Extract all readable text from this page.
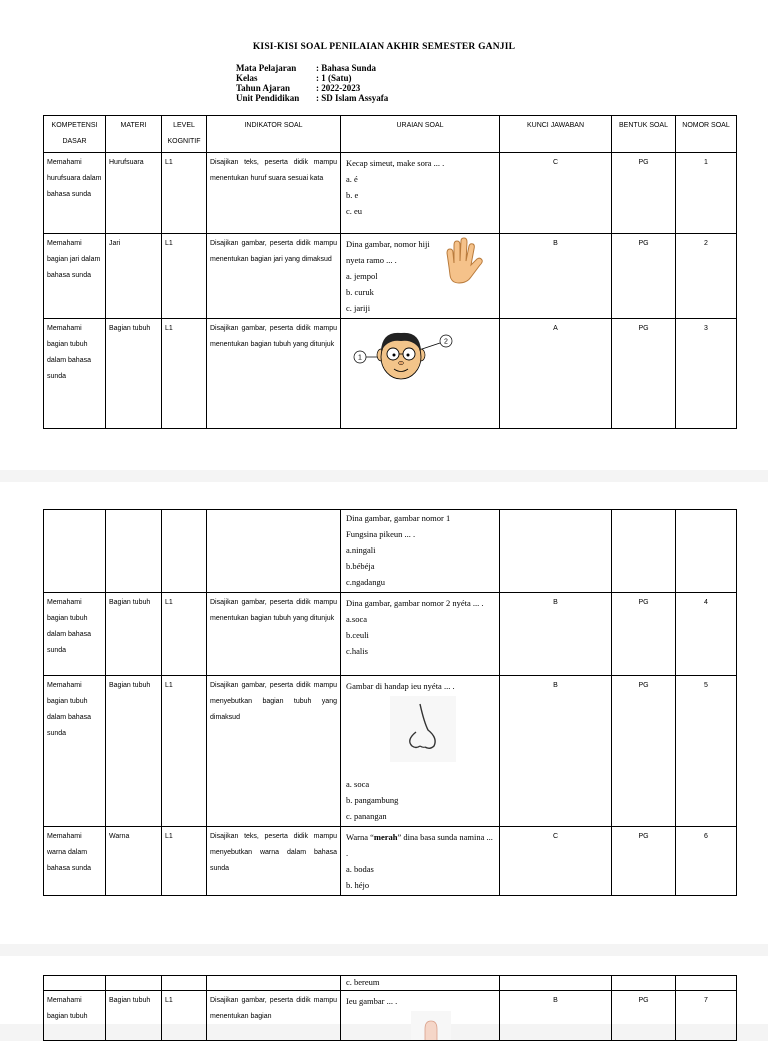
KISI-KISI SOAL PENILAIAN AKHIR SEMESTER GANJIL
Mata Pelajaran	: Bahasa Sunda
Kelas	: 1 (Satu)
Tahun Ajaran	: 2022-2023
Unit Pendidikan	: SD Islam Assyafa
KOMPETENSI DASAR	MATERI	LEVEL KOGNITIF	INDIKATOR SOAL	URAIAN SOAL	KUNCI JAWABAN	BENTUK SOAL	NOMOR SOAL
Memahami hurufsuara dalam bahasa sunda	Hurufsuara	L1	Disajikan teks, peserta didik mampu menentukan huruf suara sesuai kata	Kecap simeut, make sora ... .
a. é
b. e
c. eu	C	PG	1
Memahami bagian jari dalam bahasa sunda	Jari	L1	Disajikan gambar, peserta didik mampu menentukan bagian jari yang dimaksud	Dina gambar, nomor hiji nyeta ramo ... .
a. jempol
b. curuk
c. jariji	B	PG	2
Memahami bagian tubuh dalam bahasa sunda	Bagian tubuh	L1	Disajikan gambar, peserta didik mampu menentukan bagian tubuh yang ditunjuk	1
2	A	PG	3

				Dina gambar, gambar nomor 1
Fungsina pikeun ... .
a.ningali
b.bébéja
c.ngadangu			

Memahami bagian tubuh dalam bahasa sunda	Bagian tubuh	L1	Disajikan gambar, peserta didik mampu menentukan bagian tubuh yang ditunjuk	Dina gambar, gambar nomor 2 nyéta ... .
a.soca
b.ceuli
c.halis	B	PG	4
Memahami bagian tubuh dalam bahasa sunda	Bagian tubuh	L1	Disajikan gambar, peserta didik mampu menyebutkan bagian tubuh yang dimaksud	Gambar di handap ieu nyéta ... .
a. soca
b. pangambung
c. panangan	B	PG	5
Memahami warna dalam bahasa sunda	Warna	L1	Disajikan teks, peserta didik mampu menyebutkan warna dalam bahasa sunda	Warna “merah” dina basa sunda namina ... .
a. bodas
b. héjo	C	PG	6

				c. bereum			

Memahami bagian tubuh	Bagian tubuh	L1	Disajikan gambar, peserta didik mampu menentukan bagian	Ieu gambar ... .	B	PG	7
